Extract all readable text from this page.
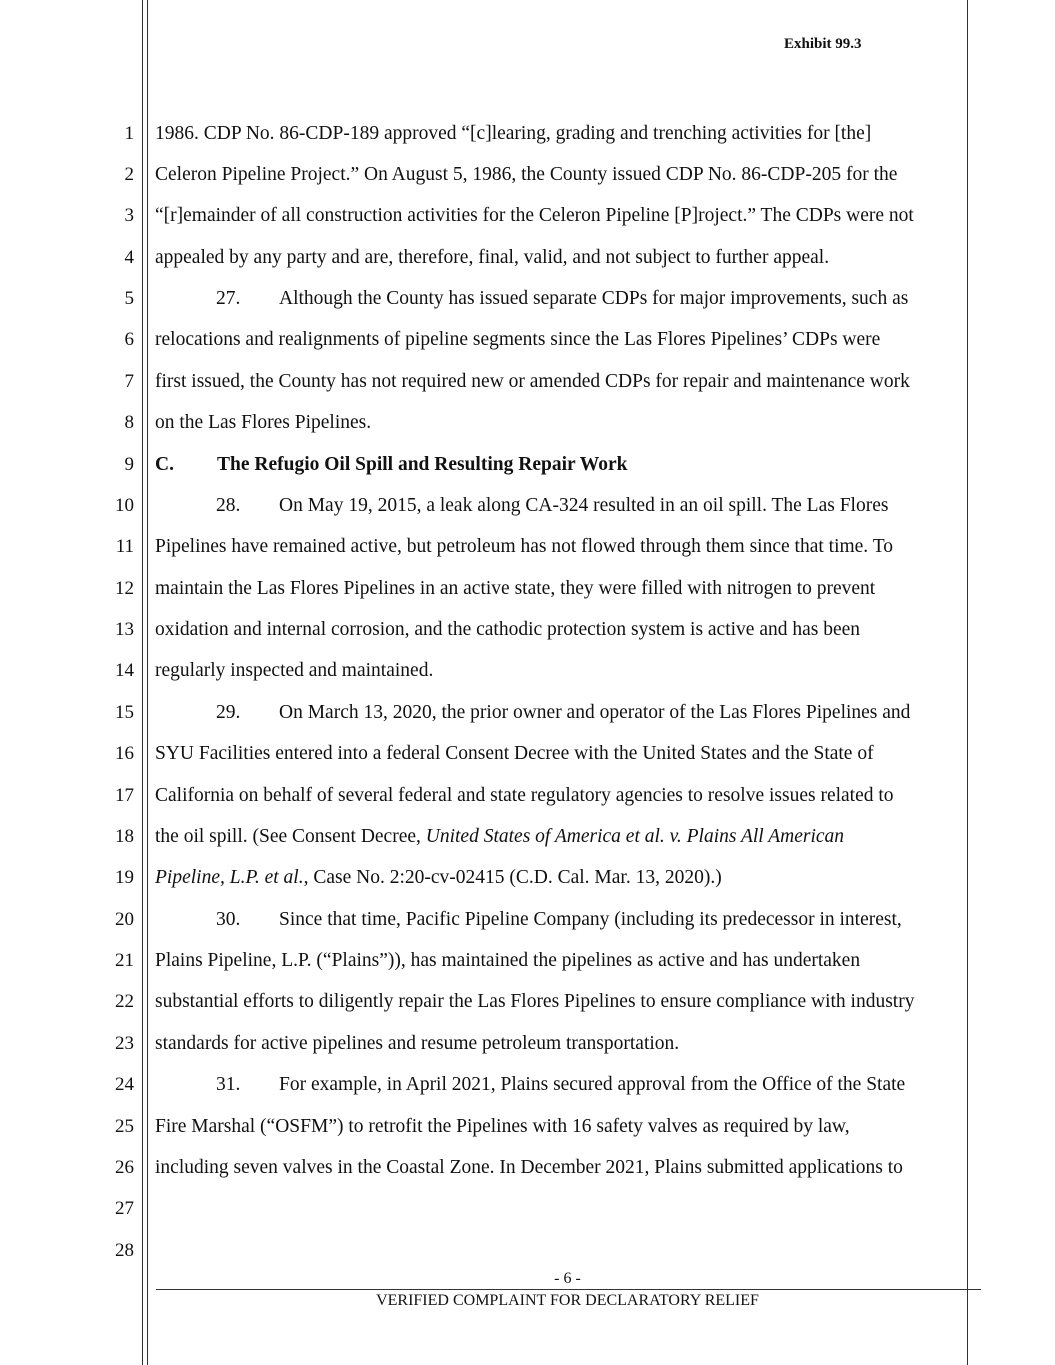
Exhibit 99.3
1
2
3
4
5
6
7
8
9
10
11
12
13
14
15
16
17
18
19
20
21
22
23
24
25
26
27
28
1986. CDP No. 86-CDP-189 approved “[c]learing, grading and trenching activities for [the]
Celeron Pipeline Project.” On August 5, 1986, the County issued CDP No. 86-CDP-205 for the
“[r]emainder of all construction activities for the Celeron Pipeline [P]roject.” The CDPs were not
appealed by any party and are, therefore, final, valid, and not subject to further appeal.
27. Although the County has issued separate CDPs for major improvements, such as
relocations and realignments of pipeline segments since the Las Flores Pipelines’ CDPs were
first issued, the County has not required new or amended CDPs for repair and maintenance work
on the Las Flores Pipelines.
C. The Refugio Oil Spill and Resulting Repair Work
28. On May 19, 2015, a leak along CA-324 resulted in an oil spill. The Las Flores
Pipelines have remained active, but petroleum has not flowed through them since that time. To
maintain the Las Flores Pipelines in an active state, they were filled with nitrogen to prevent
oxidation and internal corrosion, and the cathodic protection system is active and has been
regularly inspected and maintained.
29. On March 13, 2020, the prior owner and operator of the Las Flores Pipelines and
SYU Facilities entered into a federal Consent Decree with the United States and the State of
California on behalf of several federal and state regulatory agencies to resolve issues related to
the oil spill. (See Consent Decree, United States of America et al. v. Plains All American
Pipeline, L.P. et al., Case No. 2:20-cv-02415 (C.D. Cal. Mar. 13, 2020).)
30. Since that time, Pacific Pipeline Company (including its predecessor in interest,
Plains Pipeline, L.P. (“Plains”)), has maintained the pipelines as active and has undertaken
substantial efforts to diligently repair the Las Flores Pipelines to ensure compliance with industry
standards for active pipelines and resume petroleum transportation.
31. For example, in April 2021, Plains secured approval from the Office of the State
Fire Marshal (“OSFM”) to retrofit the Pipelines with 16 safety valves as required by law,
including seven valves in the Coastal Zone. In December 2021, Plains submitted applications to
- 6 -
VERIFIED COMPLAINT FOR DECLARATORY RELIEF
